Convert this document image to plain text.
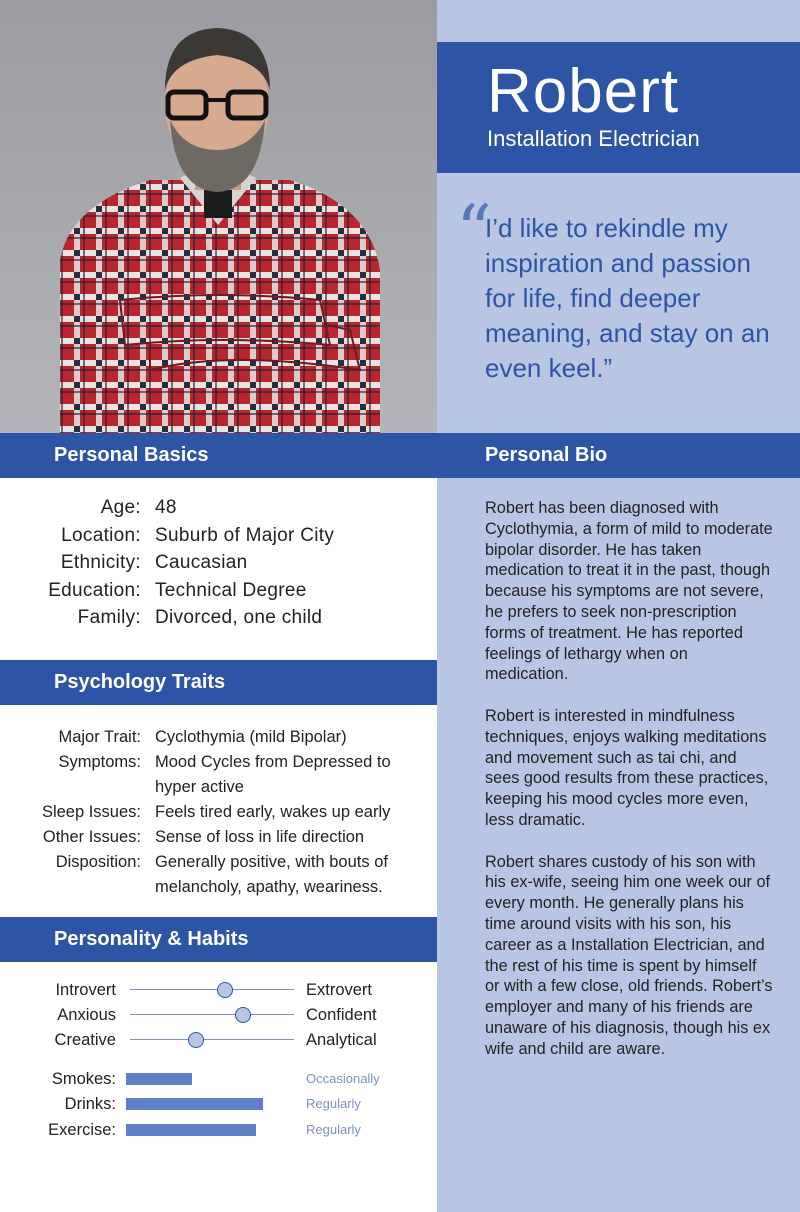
Robert
Installation Electrician
“
I’d like to rekindle my inspiration and passion for life, find deeper meaning, and stay on an even keel.”
Personal Basics	Personal Bio
Psychology Traits
Personality & Habits
Age: 48
Location: Suburb of Major City
Ethnicity: Caucasian
Education: Technical Degree
Family: Divorced, one child
Major Trait: Cyclothymia (mild Bipolar)
Symptoms: Mood Cycles from Depressed to hyper active
Sleep Issues: Feels tired early, wakes up early
Other Issues: Sense of loss in life direction
Disposition: Generally positive, with bouts of melancholy, apathy, weariness.
Introvert	Extrovert
Anxious	Confident
Creative	Analytical
Smokes:	Occasionally
Drinks:	Regularly
Exercise:	Regularly

Robert has been diagnosed with Cyclothymia, a form of mild to moderate bipolar disorder. He has taken medication to treat it in the past, though because his symptoms are not severe, he prefers to seek non-prescription forms of treatment. He has reported feelings of lethargy when on medication.

Robert is interested in mindfulness techniques, enjoys walking meditations and movement such as tai chi, and sees good results from these practices, keeping his mood cycles more even, less dramatic.

Robert shares custody of his son with his ex-wife, seeing him one week our of every month. He generally plans his time around visits with his son, his career as a Installation Electrician, and the rest of his time is spent by himself or with a few close, old friends. Robert’s employer and many of his friends are unaware of his diagnosis, though his ex wife and child are aware.
